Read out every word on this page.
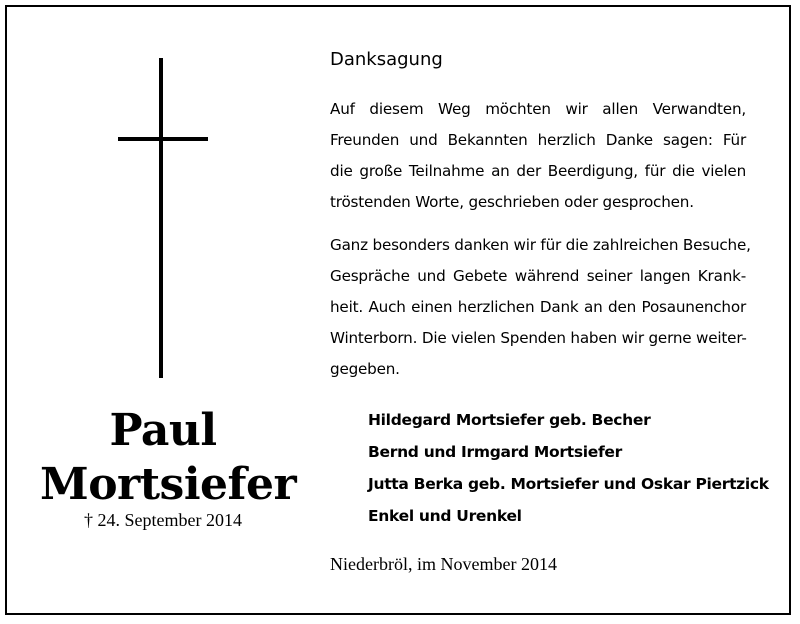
Paul
Mortsiefer
† 24. September 2014
Danksagung
Auf diesem Weg möchten wir allen Verwandten,
Freunden und Bekannten herzlich Danke sagen: Für
die große Teilnahme an der Beerdigung, für die vielen
tröstenden Worte, geschrieben oder gesprochen.
Ganz besonders danken wir für die zahlreichen Besuche,
Gespräche und Gebete während seiner langen Krank-
heit. Auch einen herzlichen Dank an den Posaunenchor
Winterborn. Die vielen Spenden haben wir gerne weiter-
gegeben.
Hildegard Mortsiefer geb. Becher
Bernd und Irmgard Mortsiefer
Jutta Berka geb. Mortsiefer und Oskar Piertzick
Enkel und Urenkel
Niederbröl, im November 2014
